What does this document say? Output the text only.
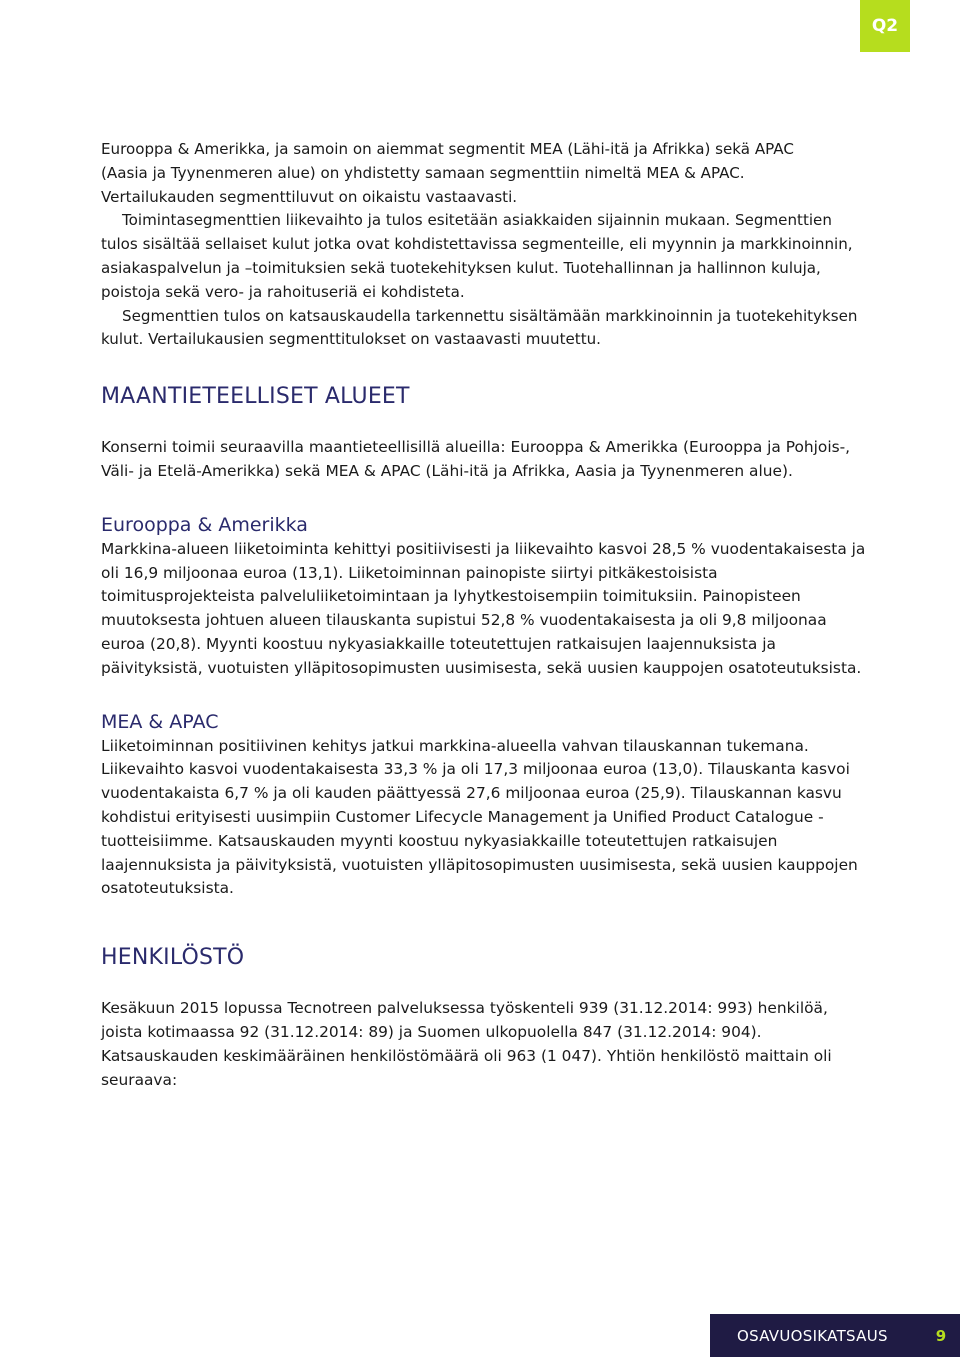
Q2

Eurooppa & Amerikka, ja samoin on aiemmat segmentit MEA (Lähi-itä ja Afrikka) sekä APAC

(Aasia ja Tyynenmeren alue) on yhdistetty samaan segmenttiin nimeltä MEA & APAC.

Vertailukauden segmenttiluvut on oikaistu vastaavasti.

Toimintasegmenttien liikevaihto ja tulos esitetään asiakkaiden sijainnin mukaan. Segmenttien tulos sisältää sellaiset kulut jotka ovat kohdistettavissa segmenteille, eli myynnin ja markkinoinnin, asiakaspalvelun ja –toimituksien sekä tuotekehityksen kulut. Tuotehallinnan ja hallinnon kuluja, poistoja sekä vero- ja rahoituseriä ei kohdisteta.

Segmenttien tulos on katsauskaudella tarkennettu sisältämään markkinoinnin ja tuotekehityksen kulut. Vertailukausien segmenttitulokset on vastaavasti muutettu.

MAANTIETEELLISET ALUEET

Konserni toimii seuraavilla maantieteellisillä alueilla: Eurooppa & Amerikka (Eurooppa ja Pohjois-, Väli- ja Etelä-Amerikka) sekä MEA & APAC (Lähi-itä ja Afrikka, Aasia ja Tyynenmeren alue).

Eurooppa & Amerikka

Markkina-alueen liiketoiminta kehittyi positiivisesti ja liikevaihto kasvoi 28,5 % vuodentakaisesta ja oli 16,9 miljoonaa euroa (13,1). Liiketoiminnan painopiste siirtyi pitkäkestoisista toimitusprojekteista palveluliiketoimintaan ja lyhytkestoisempiin toimituksiin. Painopisteen muutoksesta johtuen alueen tilauskanta supistui 52,8 % vuodentakaisesta ja oli 9,8 miljoonaa euroa (20,8). Myynti koostuu nykyasiakkaille toteutettujen ratkaisujen laajennuksista ja päivityksistä, vuotuisten ylläpitosopimusten uusimisesta, sekä uusien kauppojen osatoteutuksista.

MEA & APAC

Liiketoiminnan positiivinen kehitys jatkui markkina-alueella vahvan tilauskannan tukemana. Liikevaihto kasvoi vuodentakaisesta 33,3 % ja oli 17,3 miljoonaa euroa (13,0). Tilauskanta kasvoi vuodentakaista 6,7 % ja oli kauden päättyessä 27,6 miljoonaa euroa (25,9). Tilauskannan kasvu kohdistui erityisesti uusimpiin Customer Lifecycle Management ja Unified Product Catalogue -tuotteisiimme. Katsauskauden myynti koostuu nykyasiakkaille toteutettujen ratkaisujen laajennuksista ja päivityksistä, vuotuisten ylläpitosopimusten uusimisesta, sekä uusien kauppojen osatoteutuksista.

HENKILÖSTÖ

Kesäkuun 2015 lopussa Tecnotreen palveluksessa työskenteli 939 (31.12.2014: 993) henkilöä, joista kotimaassa 92 (31.12.2014: 89) ja Suomen ulkopuolella 847 (31.12.2014: 904). Katsauskauden keskimääräinen henkilöstömäärä oli 963 (1 047). Yhtiön henkilöstö maittain oli seuraava:

OSAVUOSIKATSAUS	9
